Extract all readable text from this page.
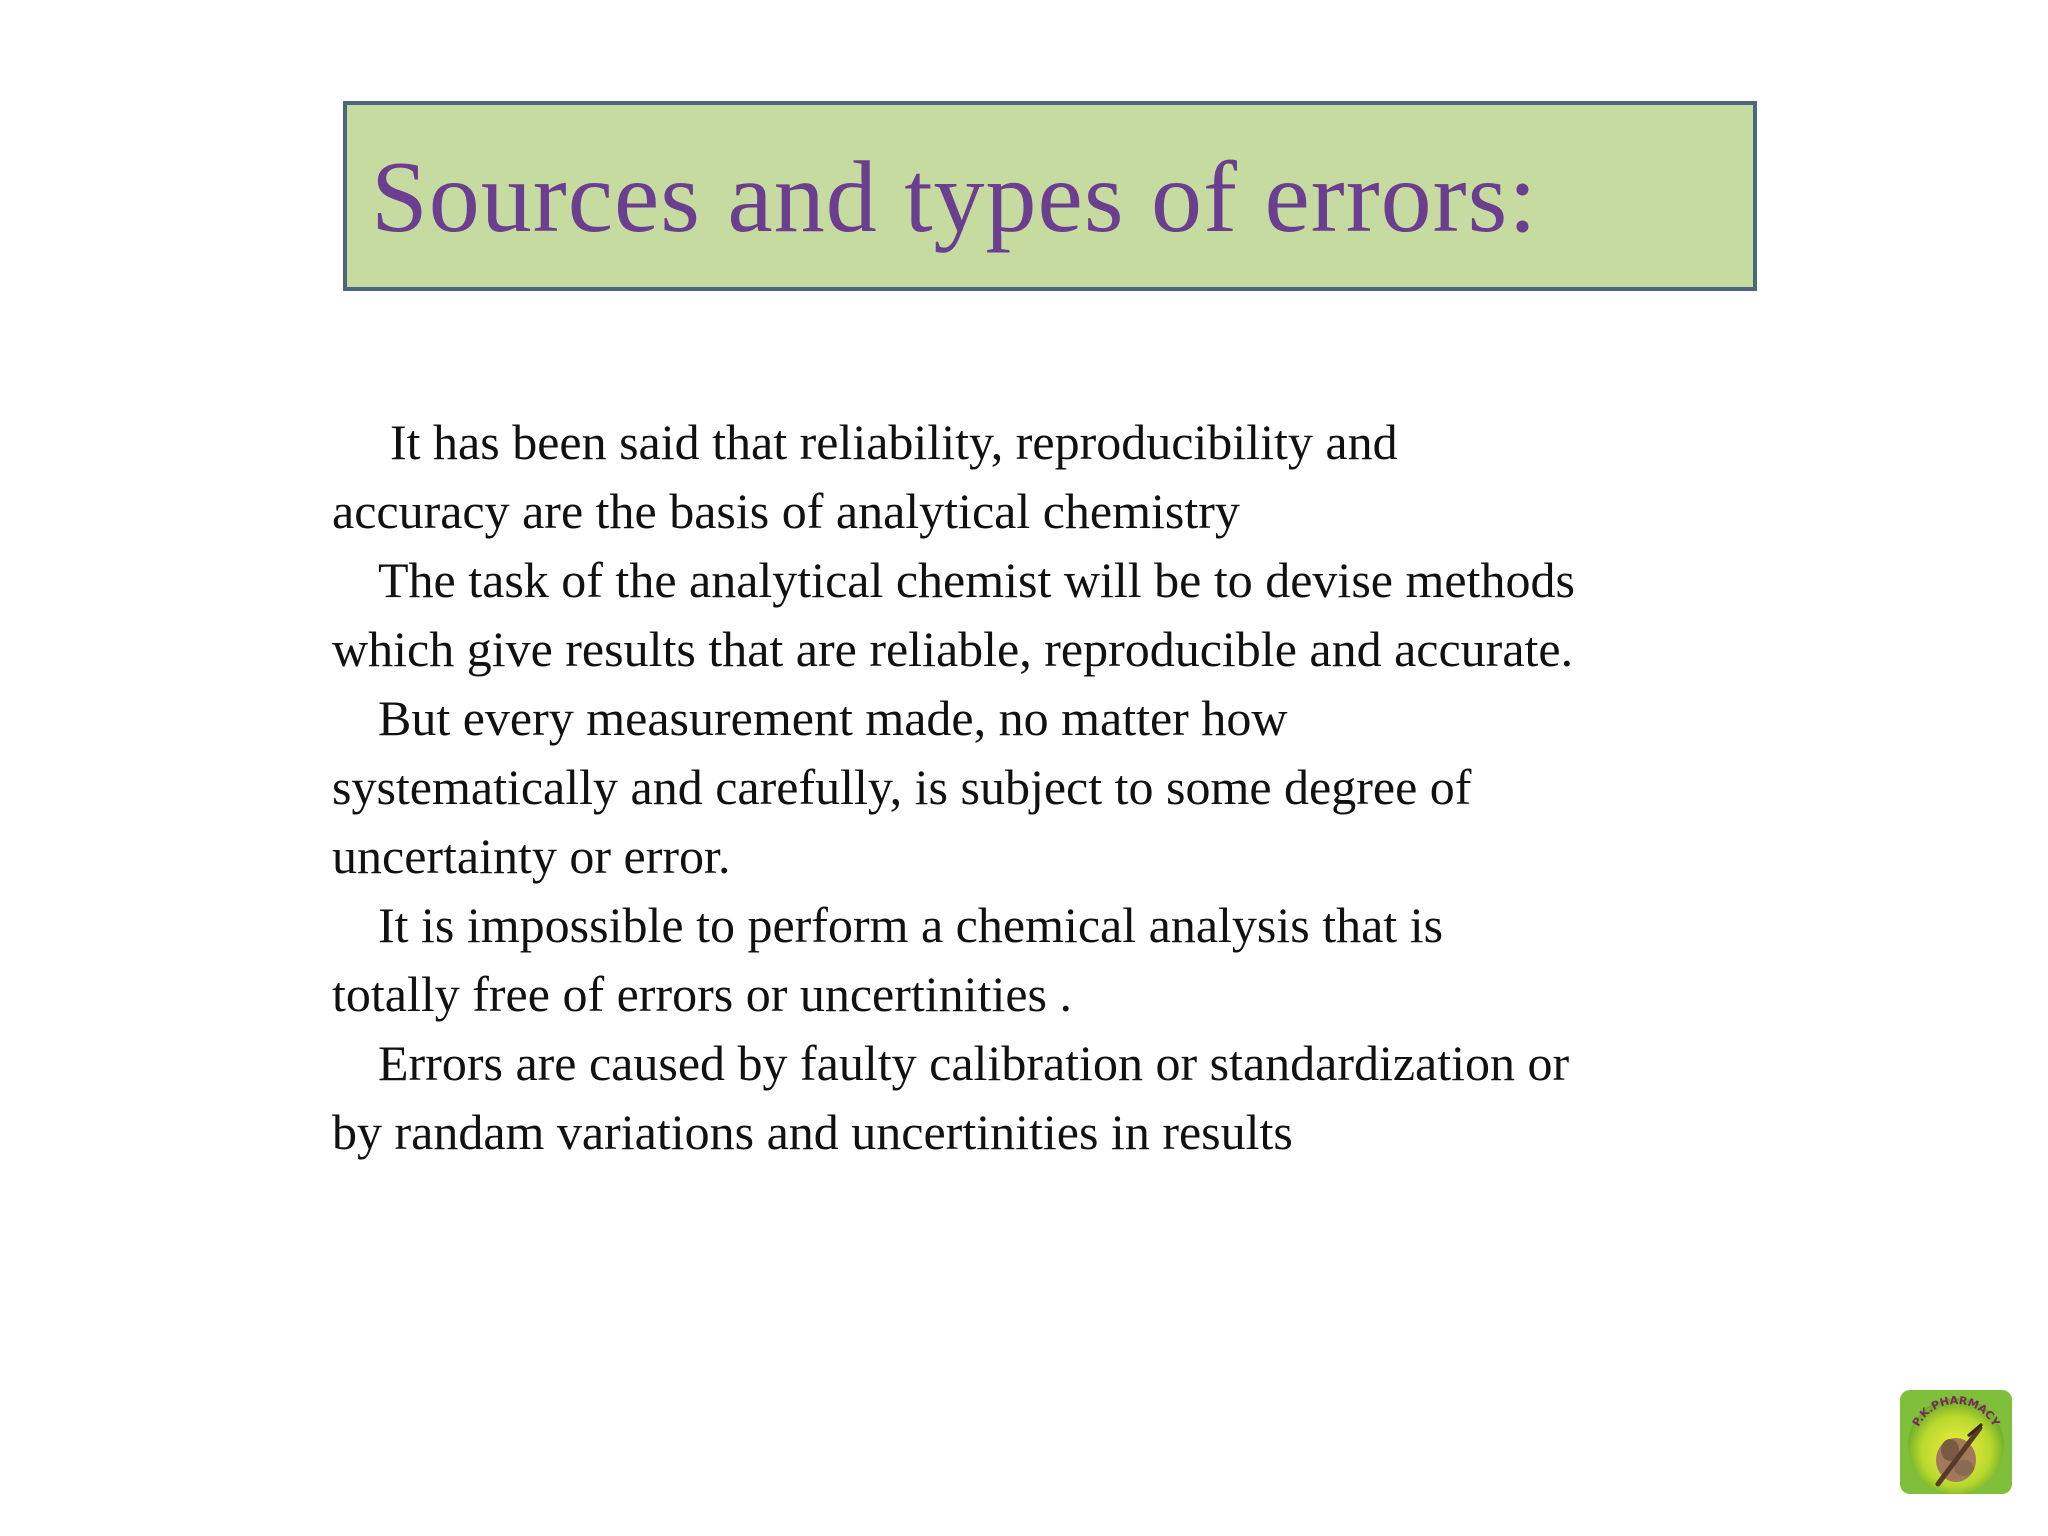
Sources and types of errors:
It has been said that reliability, reproducibility and
accuracy are the basis of analytical chemistry
The task of the analytical chemist will be to devise methods
which give results that are reliable, reproducible and accurate.
But every measurement made, no matter how
systematically and carefully, is subject to some degree of
uncertainty or error.
It is impossible to perform a chemical analysis that is
totally free of errors or uncertinities .
Errors are caused by faulty calibration or standardization or
by randam variations and uncertinities in results
P.K.PHARMACY
